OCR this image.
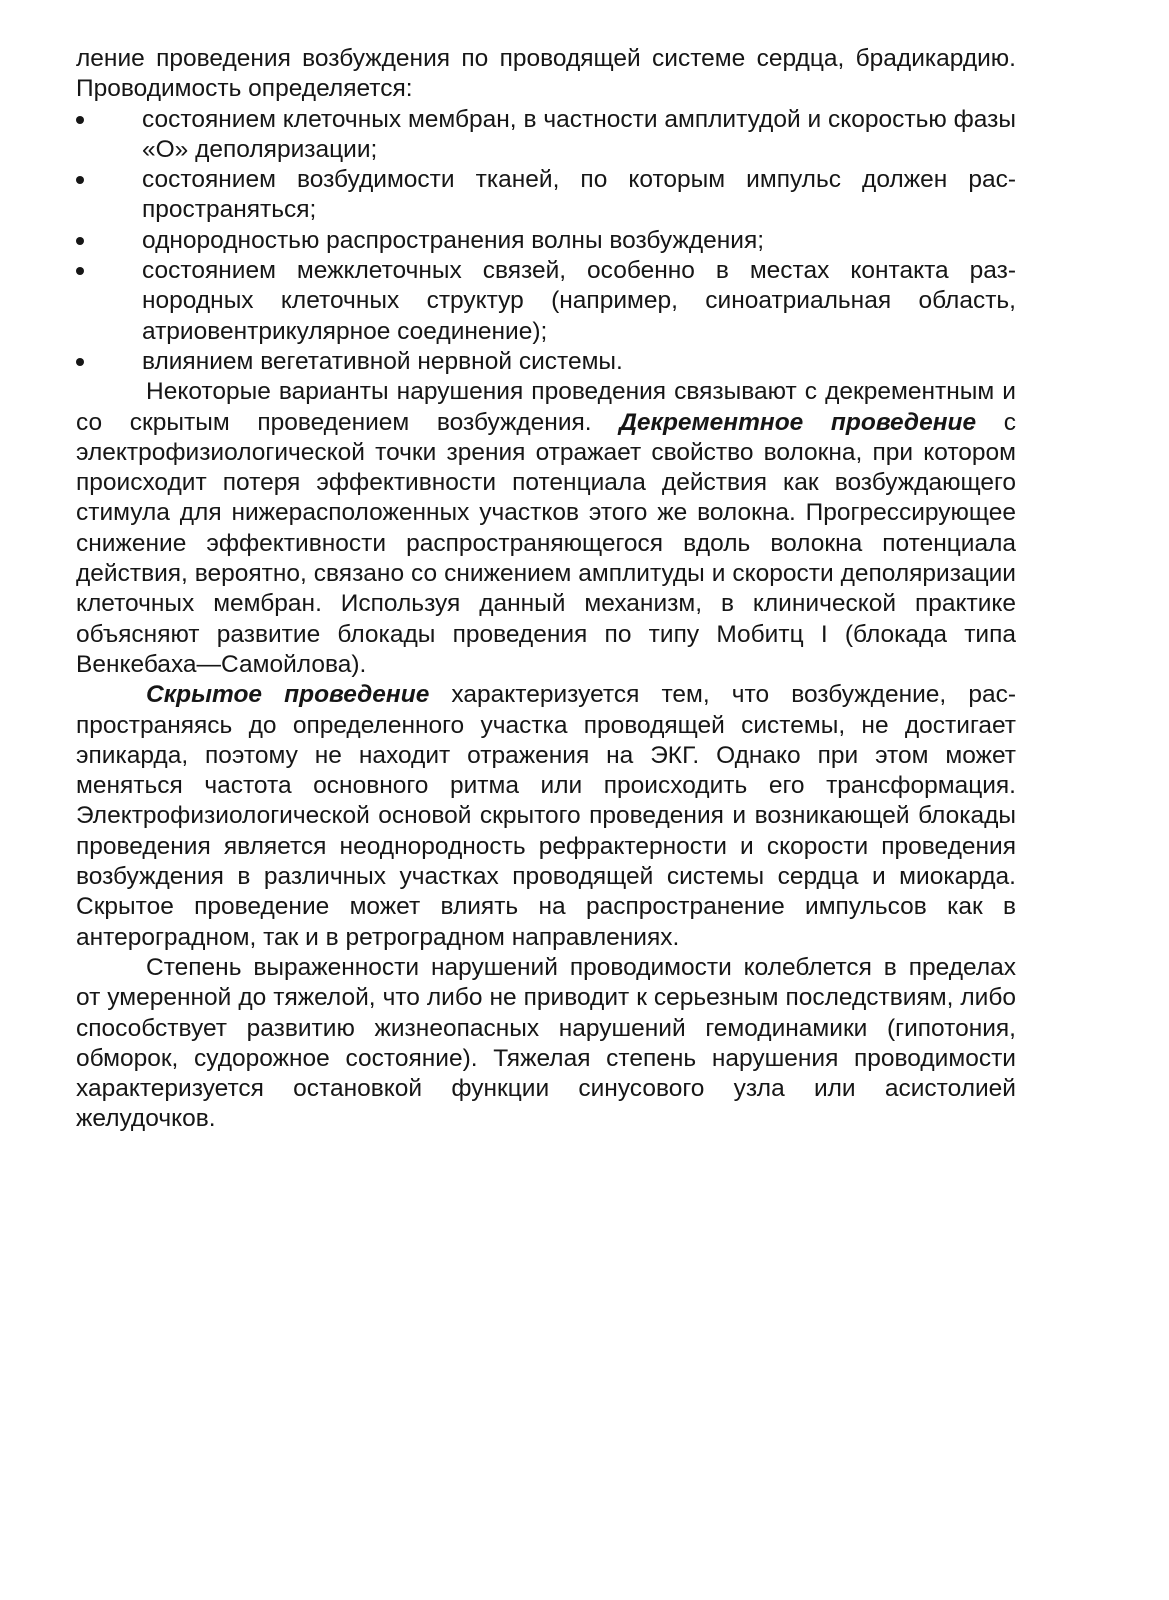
ление проведения возбуждения по проводящей системе сердца, брадикардию. Проводимость определяется:

состоянием клеточных мембран, в частности амплитудой и скоростью фазы «О» деполяризации;
состоянием возбудимости тканей, по которым импульс должен распространяться;
однородностью распространения волны возбуждения;
состоянием межклеточных связей, особенно в местах контакта разнородных клеточных структур (например, синоатриальная область, атриовентрикулярное соединение);
влиянием вегетативной нервной системы.

Некоторые варианты нарушения проведения связывают с декрементным и со скрытым проведением возбуждения. Декрементное проведение с электрофизиологической точки зрения отражает свойство волокна, при котором происходит потеря эффективности потенциала действия как возбуждающего стимула для нижерасположенных участков этого же волокна. Прогрессирующее снижение эффективности распространяющегося вдоль волокна потенциала действия, вероятно, связано со снижением амплитуды и скорости деполяризации клеточных мембран. Используя данный механизм, в клинической практике объясняют развитие блокады проведения по типу Мобитц I (блокада типа Венкебаха—Самойлова).

Скрытое проведение характеризуется тем, что возбуждение, распространяясь до определенного участка проводящей системы, не достигает эпикарда, поэтому не находит отражения на ЭКГ. Однако при этом может меняться частота основного ритма или происходить его трансформация. Электрофизиологической основой скрытого проведения и возникающей блокады проведения является неоднородность рефрактерности и скорости проведения возбуждения в различных участках проводящей системы сердца и миокарда. Скрытое проведение может влиять на распространение импульсов как в антероградном, так и в ретроградном направлениях.

Степень выраженности нарушений проводимости колеблется в пределах от умеренной до тяжелой, что либо не приводит к серьезным последствиям, либо способствует развитию жизнеопасных нарушений гемодинамики (гипотония, обморок, судорожное состояние). Тяжелая степень нарушения проводимости характеризуется остановкой функции синусового узла или асистолией желудочков.
